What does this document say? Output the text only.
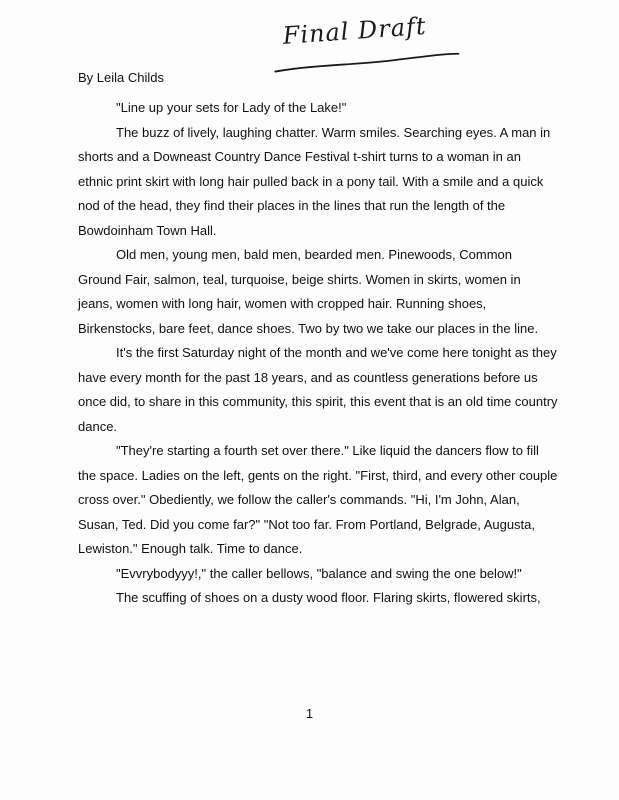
Final Draft
By Leila Childs

"Line up your sets for Lady of the Lake!"

The buzz of lively, laughing chatter. Warm smiles. Searching eyes. A man in shorts and a Downeast Country Dance Festival t-shirt turns to a woman in an ethnic print skirt with long hair pulled back in a pony tail. With a smile and a quick nod of the head, they find their places in the lines that run the length of the Bowdoinham Town Hall.

Old men, young men, bald men, bearded men. Pinewoods, Common Ground Fair, salmon, teal, turquoise, beige shirts. Women in skirts, women in jeans, women with long hair, women with cropped hair. Running shoes, Birkenstocks, bare feet, dance shoes. Two by two we take our places in the line.

It's the first Saturday night of the month and we've come here tonight as they have every month for the past 18 years, and as countless generations before us once did, to share in this community, this spirit, this event that is an old time country dance.

"They're starting a fourth set over there." Like liquid the dancers flow to fill the space. Ladies on the left, gents on the right. "First, third, and every other couple cross over." Obediently, we follow the caller's commands. "Hi, I'm John, Alan, Susan, Ted. Did you come far?" "Not too far. From Portland, Belgrade, Augusta, Lewiston." Enough talk. Time to dance.

"Evvrybodyyy!," the caller bellows, "balance and swing the one below!"

The scuffing of shoes on a dusty wood floor. Flaring skirts, flowered skirts,

1
